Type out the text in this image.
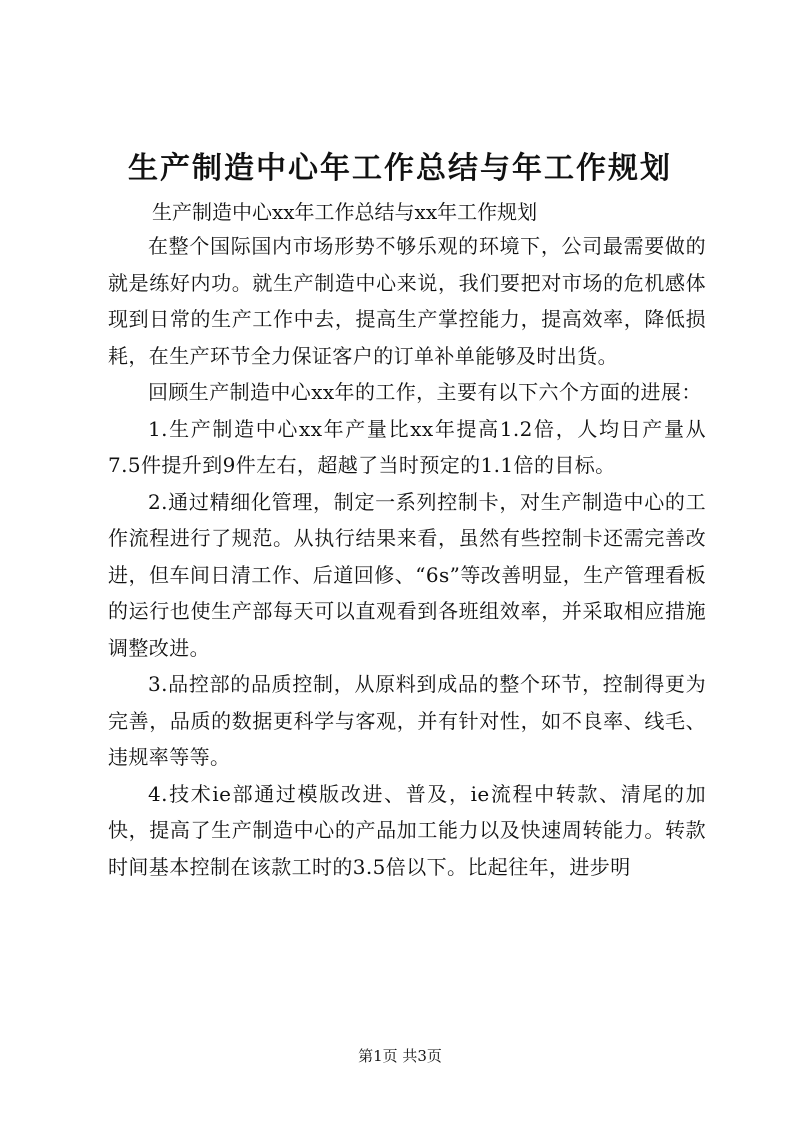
生产制造中心年工作总结与年工作规划

生产制造中心xx年工作总结与xx年工作规划

在整个国际国内市场形势不够乐观的环境下，公司最需要做的就是练好内功。就生产制造中心来说，我们要把对市场的危机感体现到日常的生产工作中去，提高生产掌控能力，提高效率，降低损耗，在生产环节全力保证客户的订单补单能够及时出货。

回顾生产制造中心xx年的工作，主要有以下六个方面的进展：

1.生产制造中心xx年产量比xx年提高1.2倍，人均日产量从7.5件提升到9件左右，超越了当时预定的1.1倍的目标。

2.通过精细化管理，制定一系列控制卡，对生产制造中心的工作流程进行了规范。从执行结果来看，虽然有些控制卡还需完善改进，但车间日清工作、后道回修、“6s”等改善明显，生产管理看板的运行也使生产部每天可以直观看到各班组效率，并采取相应措施调整改进。

3.品控部的品质控制，从原料到成品的整个环节，控制得更为完善，品质的数据更科学与客观，并有针对性，如不良率、线毛、违规率等等。

4.技术ie部通过模版改进、普及，ie流程中转款、清尾的加快，提高了生产制造中心的产品加工能力以及快速周转能力。转款时间基本控制在该款工时的3.5倍以下。比起往年，进步明

第1页 共3页
